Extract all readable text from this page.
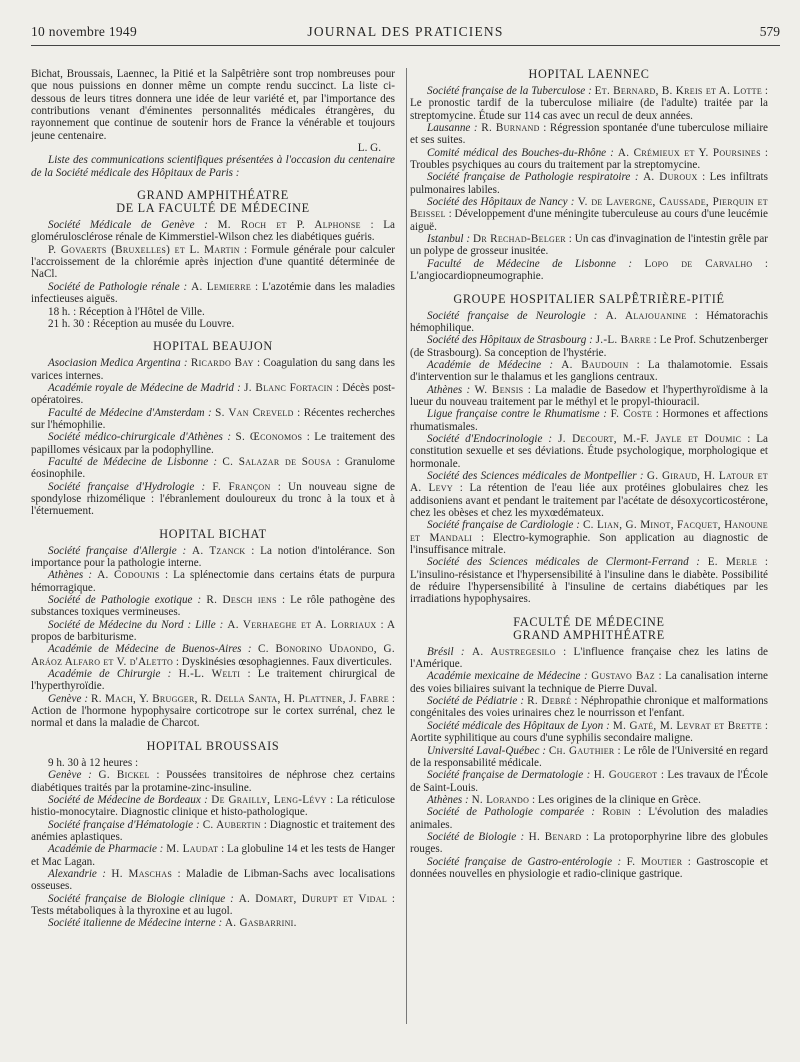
10 novembre 1949	JOURNAL DES PRATICIENS	579

Bichat, Broussais, Laennec, la Pitié et la Salpêtrière sont trop nombreuses pour que nous puissions en donner même un compte rendu succinct. La liste ci-dessous de leurs titres donnera une idée de leur variété et, par l'importance des contributions venant d'éminentes personnalités médicales étrangères, du rayonnement que continue de soutenir hors de France la vénérable et toujours jeune centenaire.

L. G.

Liste des communications scientifiques présentées à l'occasion du centenaire de la Société médicale des Hôpitaux de Paris :

GRAND AMPHITHÉATRE
DE LA FACULTÉ DE MÉDECINE

Société Médicale de Genève : M. Roch et P. Alphonse : La glomérulosclérose rénale de Kimmerstiel-Wilson chez les diabétiques guéris.

P. Govaerts (Bruxelles) et L. Martin : Formule générale pour calculer l'accroissement de la chlorémie après injection d'une quantité déterminée de NaCl.

Société de Pathologie rénale : A. Lemierre : L'azotémie dans les maladies infectieuses aiguës.

18 h. : Réception à l'Hôtel de Ville.

21 h. 30 : Réception au musée du Louvre.

HOPITAL BEAUJON

Asociasion Medica Argentina : Ricardo Bay : Coagulation du sang dans les varices internes.

Académie royale de Médecine de Madrid : J. Blanc Fortacin : Décès post-opératoires.

Faculté de Médecine d'Amsterdam : S. Van Creveld : Récentes recherches sur l'hémophilie.

Société médico-chirurgicale d'Athènes : S. Œconomos : Le traitement des papillomes vésicaux par la podophylline.

Faculté de Médecine de Lisbonne : C. Salazar de Sousa : Granulome éosinophile.

Société française d'Hydrologie : F. Françon : Un nouveau signe de spondylose rhizomélique : l'ébranlement douloureux du tronc à la toux et à l'éternuement.

HOPITAL BICHAT

Société française d'Allergie : A. Tzanck : La notion d'intolérance. Son importance pour la pathologie interne.

Athènes : A. Codounis : La splénectomie dans certains états de purpura hémorragique.

Société de Pathologie exotique : R. Desch iens : Le rôle pathogène des substances toxiques vermineuses.

Société de Médecine du Nord : Lille : A. Verhaeghe et A. Lorriaux : A propos de barbiturisme.

Académie de Médecine de Buenos-Aires : C. Bonorino Udaondo, G. Aráoz Alfaro et V. d'Aletto : Dyskinésies œsophagiennes. Faux diverticules.

Académie de Chirurgie : H.-L. Welti : Le traitement chirurgical de l'hyperthyroïdie.

Genève : R. Mach, Y. Brugger, R. Della Santa, H. Plattner, J. Fabre : Action de l'hormone hypophysaire corticotrope sur le cortex surrénal, chez le normal et dans la maladie de Charcot.

HOPITAL BROUSSAIS

9 h. 30 à 12 heures :

Genève : G. Bickel : Poussées transitoires de néphrose chez certains diabétiques traités par la protamine-zinc-insuline.

Société de Médecine de Bordeaux : De Grailly, Leng-Lévy : La réticulose histio-monocytaire. Diagnostic clinique et histo-pathologique.

Société française d'Hématologie : C. Aubertin : Diagnostic et traitement des anémies aplastiques.

Académie de Pharmacie : M. Laudat : La globuline 14 et les tests de Hanger et Mac Lagan.

Alexandrie : H. Maschas : Maladie de Libman-Sachs avec localisations osseuses.

Société française de Biologie clinique : A. Domart, Durupt et Vidal : Tests métaboliques à la thyroxine et au lugol.

Société italienne de Médecine interne : A. Gasbarrini.

HOPITAL LAENNEC

Société française de la Tuberculose : Et. Bernard, B. Kreis et A. Lotte : Le pronostic tardif de la tuberculose miliaire (de l'adulte) traitée par la streptomycine. Étude sur 114 cas avec un recul de deux années.

Lausanne : R. Burnand : Régression spontanée d'une tuberculose miliaire et ses suites.

Comité médical des Bouches-du-Rhône : A. Crémieux et Y. Poursines : Troubles psychiques au cours du traitement par la streptomycine.

Société française de Pathologie respiratoire : A. Duroux : Les infiltrats pulmonaires labiles.

Société des Hôpitaux de Nancy : V. de Lavergne, Caussade, Pierquin et Beissel : Développement d'une méningite tuberculeuse au cours d'une leucémie aiguë.

Istanbul : Dr Rechad-Belger : Un cas d'invagination de l'intestin grêle par un polype de grosseur inusitée.

Faculté de Médecine de Lisbonne : Lopo de Carvalho : L'angiocardiopneumographie.

GROUPE HOSPITALIER SALPÊTRIÈRE-PITIÉ

Société française de Neurologie : A. Alajouanine : Hématorachis hémophilique.

Société des Hôpitaux de Strasbourg : J.-L. Barre : Le Prof. Schutzenberger (de Strasbourg). Sa conception de l'hystérie.

Académie de Médecine : A. Baudouin : La thalamotomie. Essais d'intervention sur le thalamus et les ganglions centraux.

Athènes : W. Bensis : La maladie de Basedow et l'hyperthyroïdisme à la lueur du nouveau traitement par le méthyl et le propyl-thiouracil.

Ligue française contre le Rhumatisme : F. Coste : Hormones et affections rhumatismales.

Société d'Endocrinologie : J. Decourt, M.-F. Jayle et Doumic : La constitution sexuelle et ses déviations. Étude psychologique, morphologique et hormonale.

Société des Sciences médicales de Montpellier : G. Giraud, H. Latour et A. Levy : La rétention de l'eau liée aux protéines globulaires chez les addisoniens avant et pendant le traitement par l'acétate de désoxycorticostérone, chez les obèses et chez les myxœdémateux.

Société française de Cardiologie : C. Lian, G. Minot, Facquet, Hanoune et Mandali : Electro-kymographie. Son application au diagnostic de l'insuffisance mitrale.

Société des Sciences médicales de Clermont-Ferrand : E. Merle : L'insulino-résistance et l'hypersensibilité à l'insuline dans le diabète. Possibilité de réduire l'hypersensibilité à l'insuline de certains diabétiques par les irradiations hypophysaires.

FACULTÉ DE MÉDECINE
GRAND AMPHITHÉATRE

Brésil : A. Austregesilo : L'influence française chez les latins de l'Amérique.

Académie mexicaine de Médecine : Gustavo Baz : La canalisation interne des voies biliaires suivant la technique de Pierre Duval.

Société de Pédiatrie : R. Debré : Néphropathie chronique et malformations congénitales des voies urinaires chez le nourrisson et l'enfant.

Société médicale des Hôpitaux de Lyon : M. Gaté, M. Levrat et Brette : Aortite syphilitique au cours d'une syphilis secondaire maligne.

Université Laval-Québec : Ch. Gauthier : Le rôle de l'Université en regard de la responsabilité médicale.

Société française de Dermatologie : H. Gougerot : Les travaux de l'École de Saint-Louis.

Athènes : N. Lorando : Les origines de la clinique en Grèce.

Société de Pathologie comparée : Robin : L'évolution des maladies animales.

Société de Biologie : H. Benard : La protoporphyrine libre des globules rouges.

Société française de Gastro-entérologie : F. Moutier : Gastroscopie et données nouvelles en physiologie et radio-clinique gastrique.
